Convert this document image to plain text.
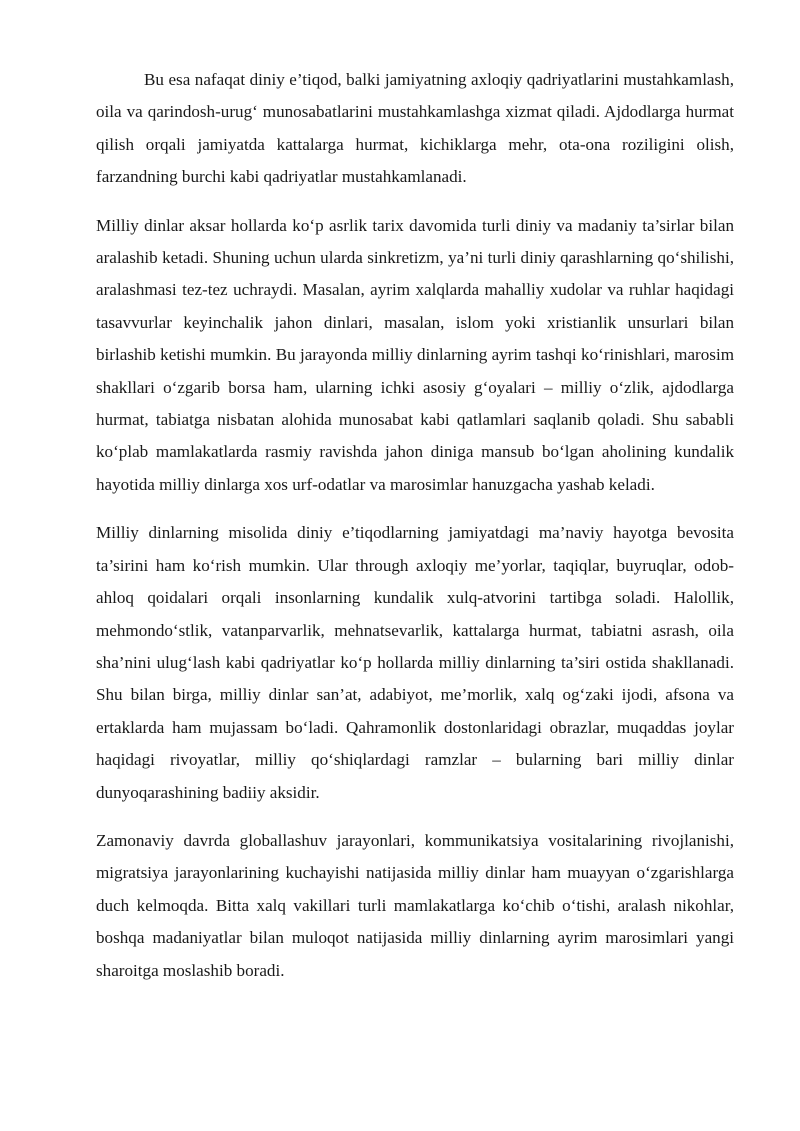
Bu esa nafaqat diniy e’tiqod, balki jamiyatning axloqiy qadriyatlarini mustahkamlash, oila va qarindosh-urug‘ munosabatlarini mustahkamlashga xizmat qiladi. Ajdodlarga hurmat qilish orqali jamiyatda kattalarga hurmat, kichiklarga mehr, ota-ona roziligini olish, farzandning burchi kabi qadriyatlar mustahkamlanadi.

Milliy dinlar aksar hollarda ko‘p asrlik tarix davomida turli diniy va madaniy ta’sirlar bilan aralashib ketadi. Shuning uchun ularda sinkretizm, ya’ni turli diniy qarashlarning qo‘shilishi, aralashmasi tez-tez uchraydi. Masalan, ayrim xalqlarda mahalliy xudolar va ruhlar haqidagi tasavvurlar keyinchalik jahon dinlari, masalan, islom yoki xristianlik unsurlari bilan birlashib ketishi mumkin. Bu jarayonda milliy dinlarning ayrim tashqi ko‘rinishlari, marosim shakllari o‘zgarib borsa ham, ularning ichki asosiy g‘oyalari – milliy o‘zlik, ajdodlarga hurmat, tabiatga nisbatan alohida munosabat kabi qatlamlari saqlanib qoladi. Shu sababli ko‘plab mamlakatlarda rasmiy ravishda jahon diniga mansub bo‘lgan aholining kundalik hayotida milliy dinlarga xos urf-odatlar va marosimlar hanuzgacha yashab keladi.

Milliy dinlarning misolida diniy e’tiqodlarning jamiyatdagi ma’naviy hayotga bevosita ta’sirini ham ko‘rish mumkin. Ular through axloqiy me’yorlar, taqiqlar, buyruqlar, odob-ahloq qoidalari orqali insonlarning kundalik xulq-atvorini tartibga soladi. Halollik, mehmondo‘stlik, vatanparvarlik, mehnatsevarlik, kattalarga hurmat, tabiatni asrash, oila sha’nini ulug‘lash kabi qadriyatlar ko‘p hollarda milliy dinlarning ta’siri ostida shakllanadi. Shu bilan birga, milliy dinlar san’at, adabiyot, me’morlik, xalq og‘zaki ijodi, afsona va ertaklarda ham mujassam bo‘ladi. Qahramonlik dostonlaridagi obrazlar, muqaddas joylar haqidagi rivoyatlar, milliy qo‘shiqlardagi ramzlar – bularning bari milliy dinlar dunyoqarashining badiiy aksidir.

Zamonaviy davrda globallashuv jarayonlari, kommunikatsiya vositalarining rivojlanishi, migratsiya jarayonlarining kuchayishi natijasida milliy dinlar ham muayyan o‘zgarishlarga duch kelmoqda. Bitta xalq vakillari turli mamlakatlarga ko‘chib o‘tishi, aralash nikohlar, boshqa madaniyatlar bilan muloqot natijasida milliy dinlarning ayrim marosimlari yangi sharoitga moslashib boradi.
